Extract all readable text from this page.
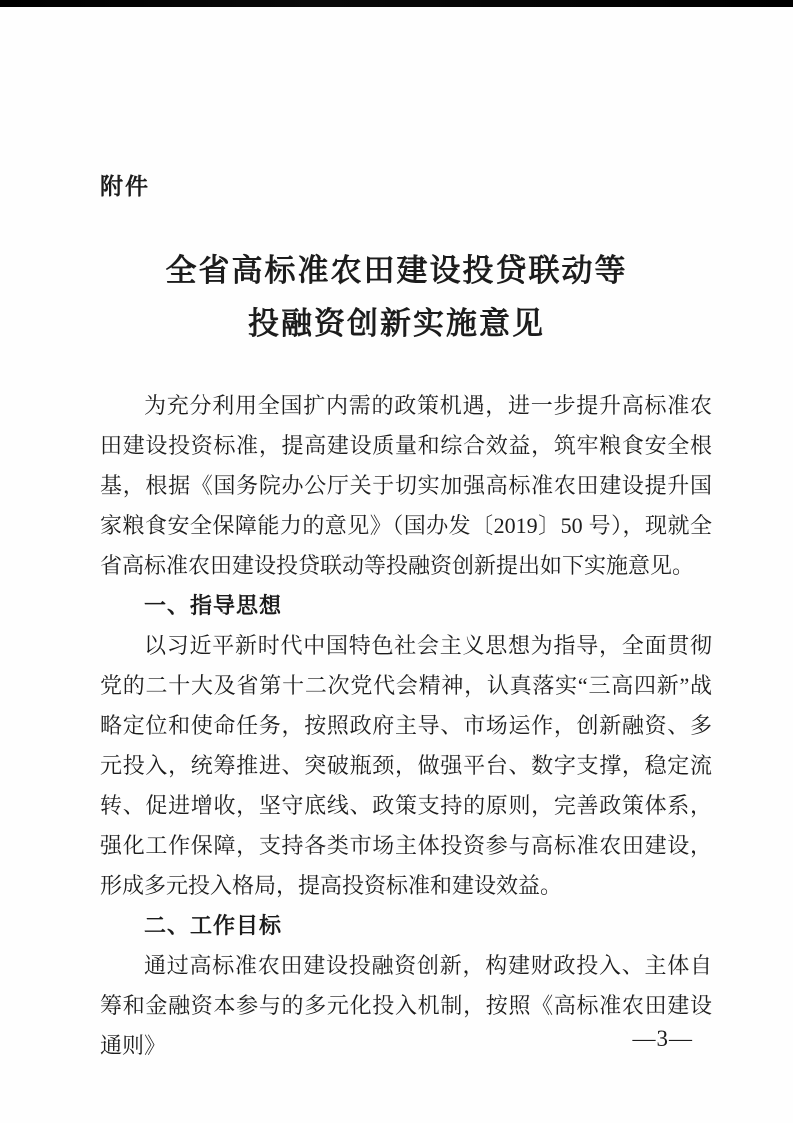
附件
全省高标准农田建设投贷联动等
投融资创新实施意见

为充分利用全国扩内需的政策机遇，进一步提升高标准农田建设投资标准，提高建设质量和综合效益，筑牢粮食安全根基，根据《国务院办公厅关于切实加强高标准农田建设提升国家粮食安全保障能力的意见》（国办发〔2019〕50 号），现就全省高标准农田建设投贷联动等投融资创新提出如下实施意见。

一、指导思想

以习近平新时代中国特色社会主义思想为指导，全面贯彻党的二十大及省第十二次党代会精神，认真落实“三高四新”战略定位和使命任务，按照政府主导、市场运作，创新融资、多元投入，统筹推进、突破瓶颈，做强平台、数字支撑，稳定流转、促进增收，坚守底线、政策支持的原则，完善政策体系，强化工作保障，支持各类市场主体投资参与高标准农田建设，形成多元投入格局，提高投资标准和建设效益。

二、工作目标

通过高标准农田建设投融资创新，构建财政投入、主体自筹和金融资本参与的多元化投入机制，按照《高标准农田建设通则》	—3—
